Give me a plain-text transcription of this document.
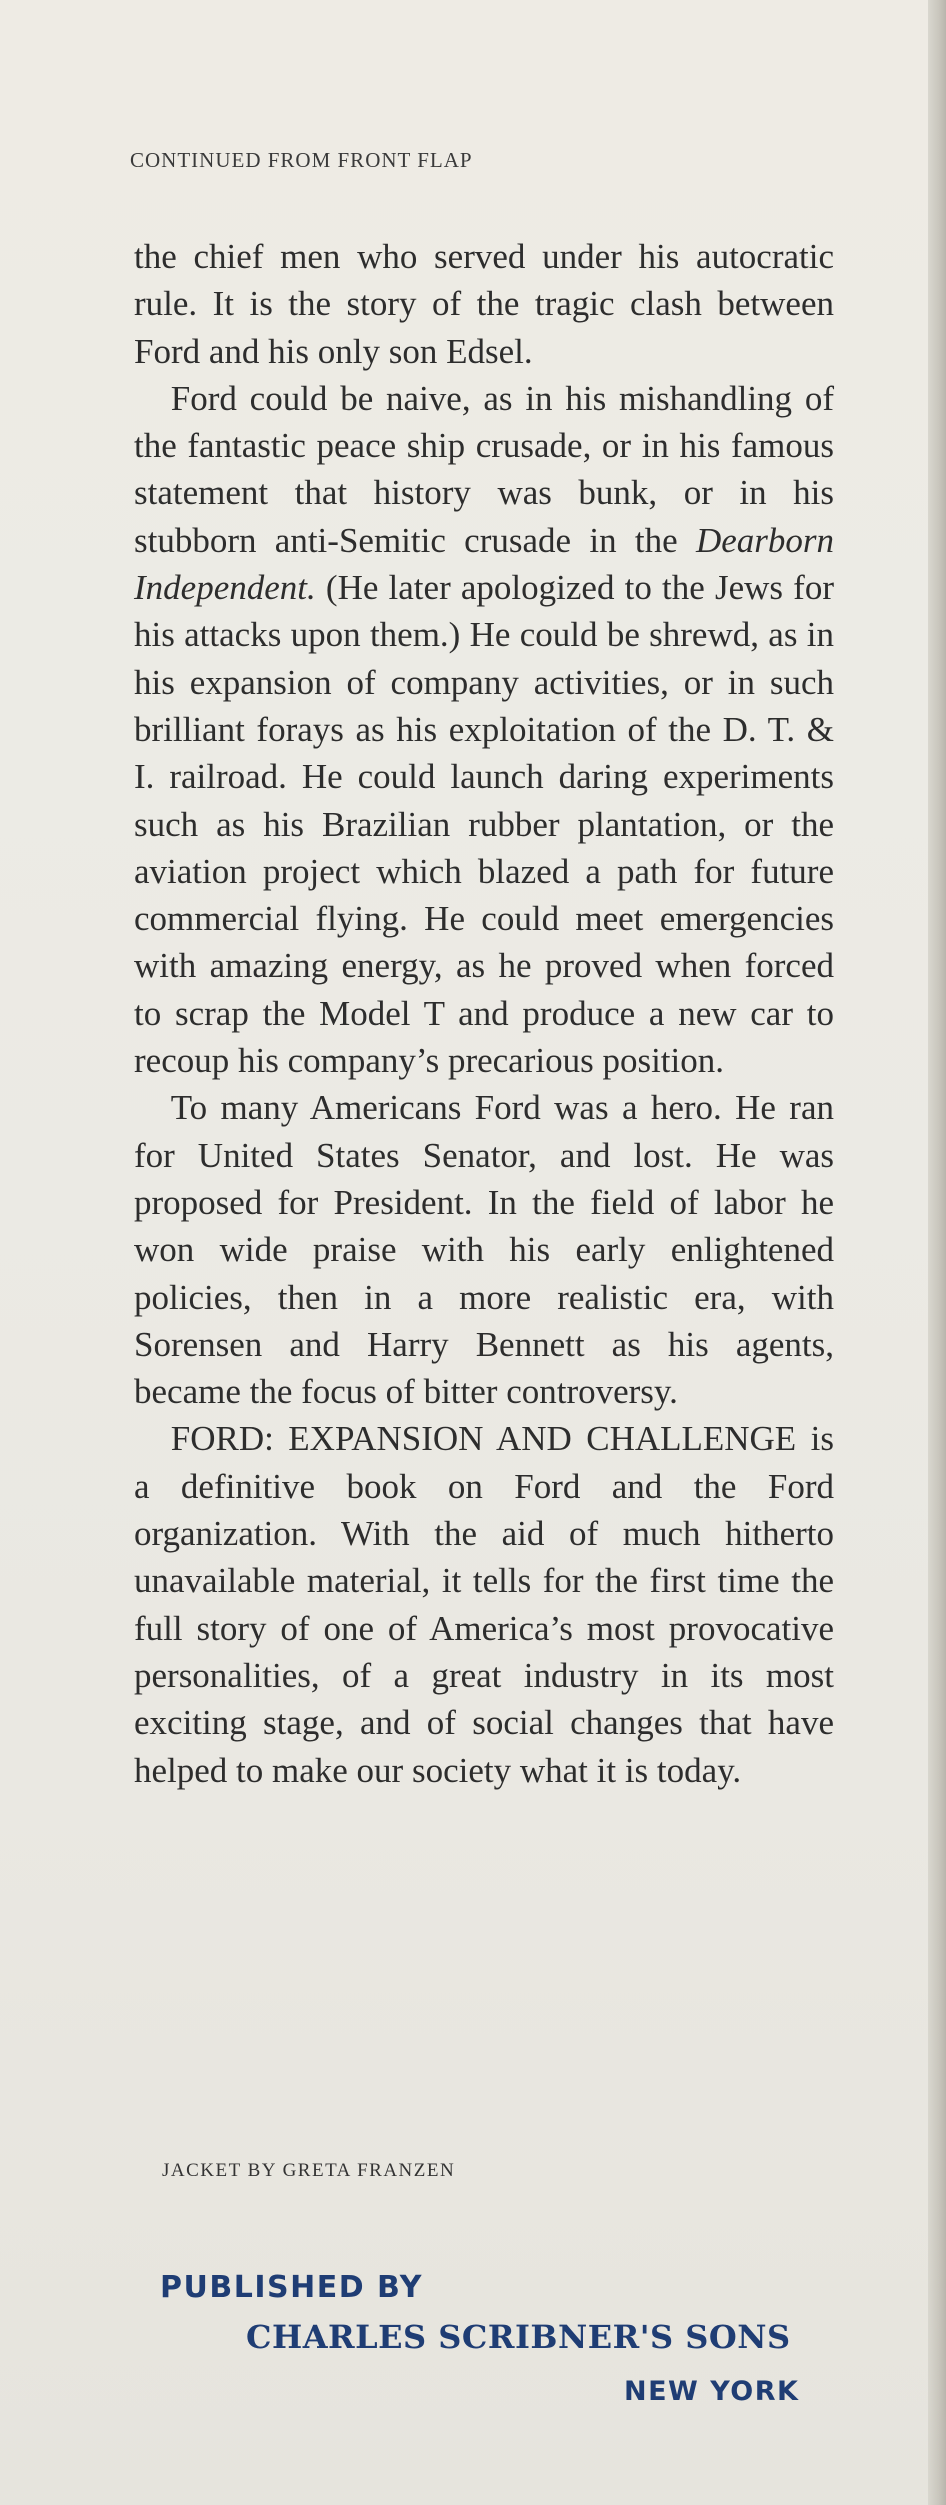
CONTINUED FROM FRONT FLAP

the chief men who served under his autocratic rule. It is the story of the tragic clash between Ford and his only son Edsel.

Ford could be naive, as in his mishandling of the fantastic peace ship crusade, or in his famous statement that history was bunk, or in his stubborn anti-Semitic crusade in the Dearborn Independent. (He later apologized to the Jews for his attacks upon them.) He could be shrewd, as in his expansion of company activities, or in such brilliant forays as his exploitation of the D. T. & I. railroad. He could launch daring experiments such as his Brazilian rubber plantation, or the aviation project which blazed a path for future commercial flying. He could meet emergencies with amazing energy, as he proved when forced to scrap the Model T and produce a new car to recoup his company’s precarious position.

To many Americans Ford was a hero. He ran for United States Senator, and lost. He was proposed for President. In the field of labor he won wide praise with his early enlightened policies, then in a more realistic era, with Sorensen and Harry Bennett as his agents, became the focus of bitter controversy.

FORD: EXPANSION AND CHALLENGE is a definitive book on Ford and the Ford organization. With the aid of much hitherto unavailable material, it tells for the first time the full story of one of America’s most provocative personalities, of a great industry in its most exciting stage, and of social changes that have helped to make our society what it is today.

JACKET BY GRETA FRANZEN
PUBLISHED BY
CHARLES SCRIBNER'S SONS
NEW YORK
